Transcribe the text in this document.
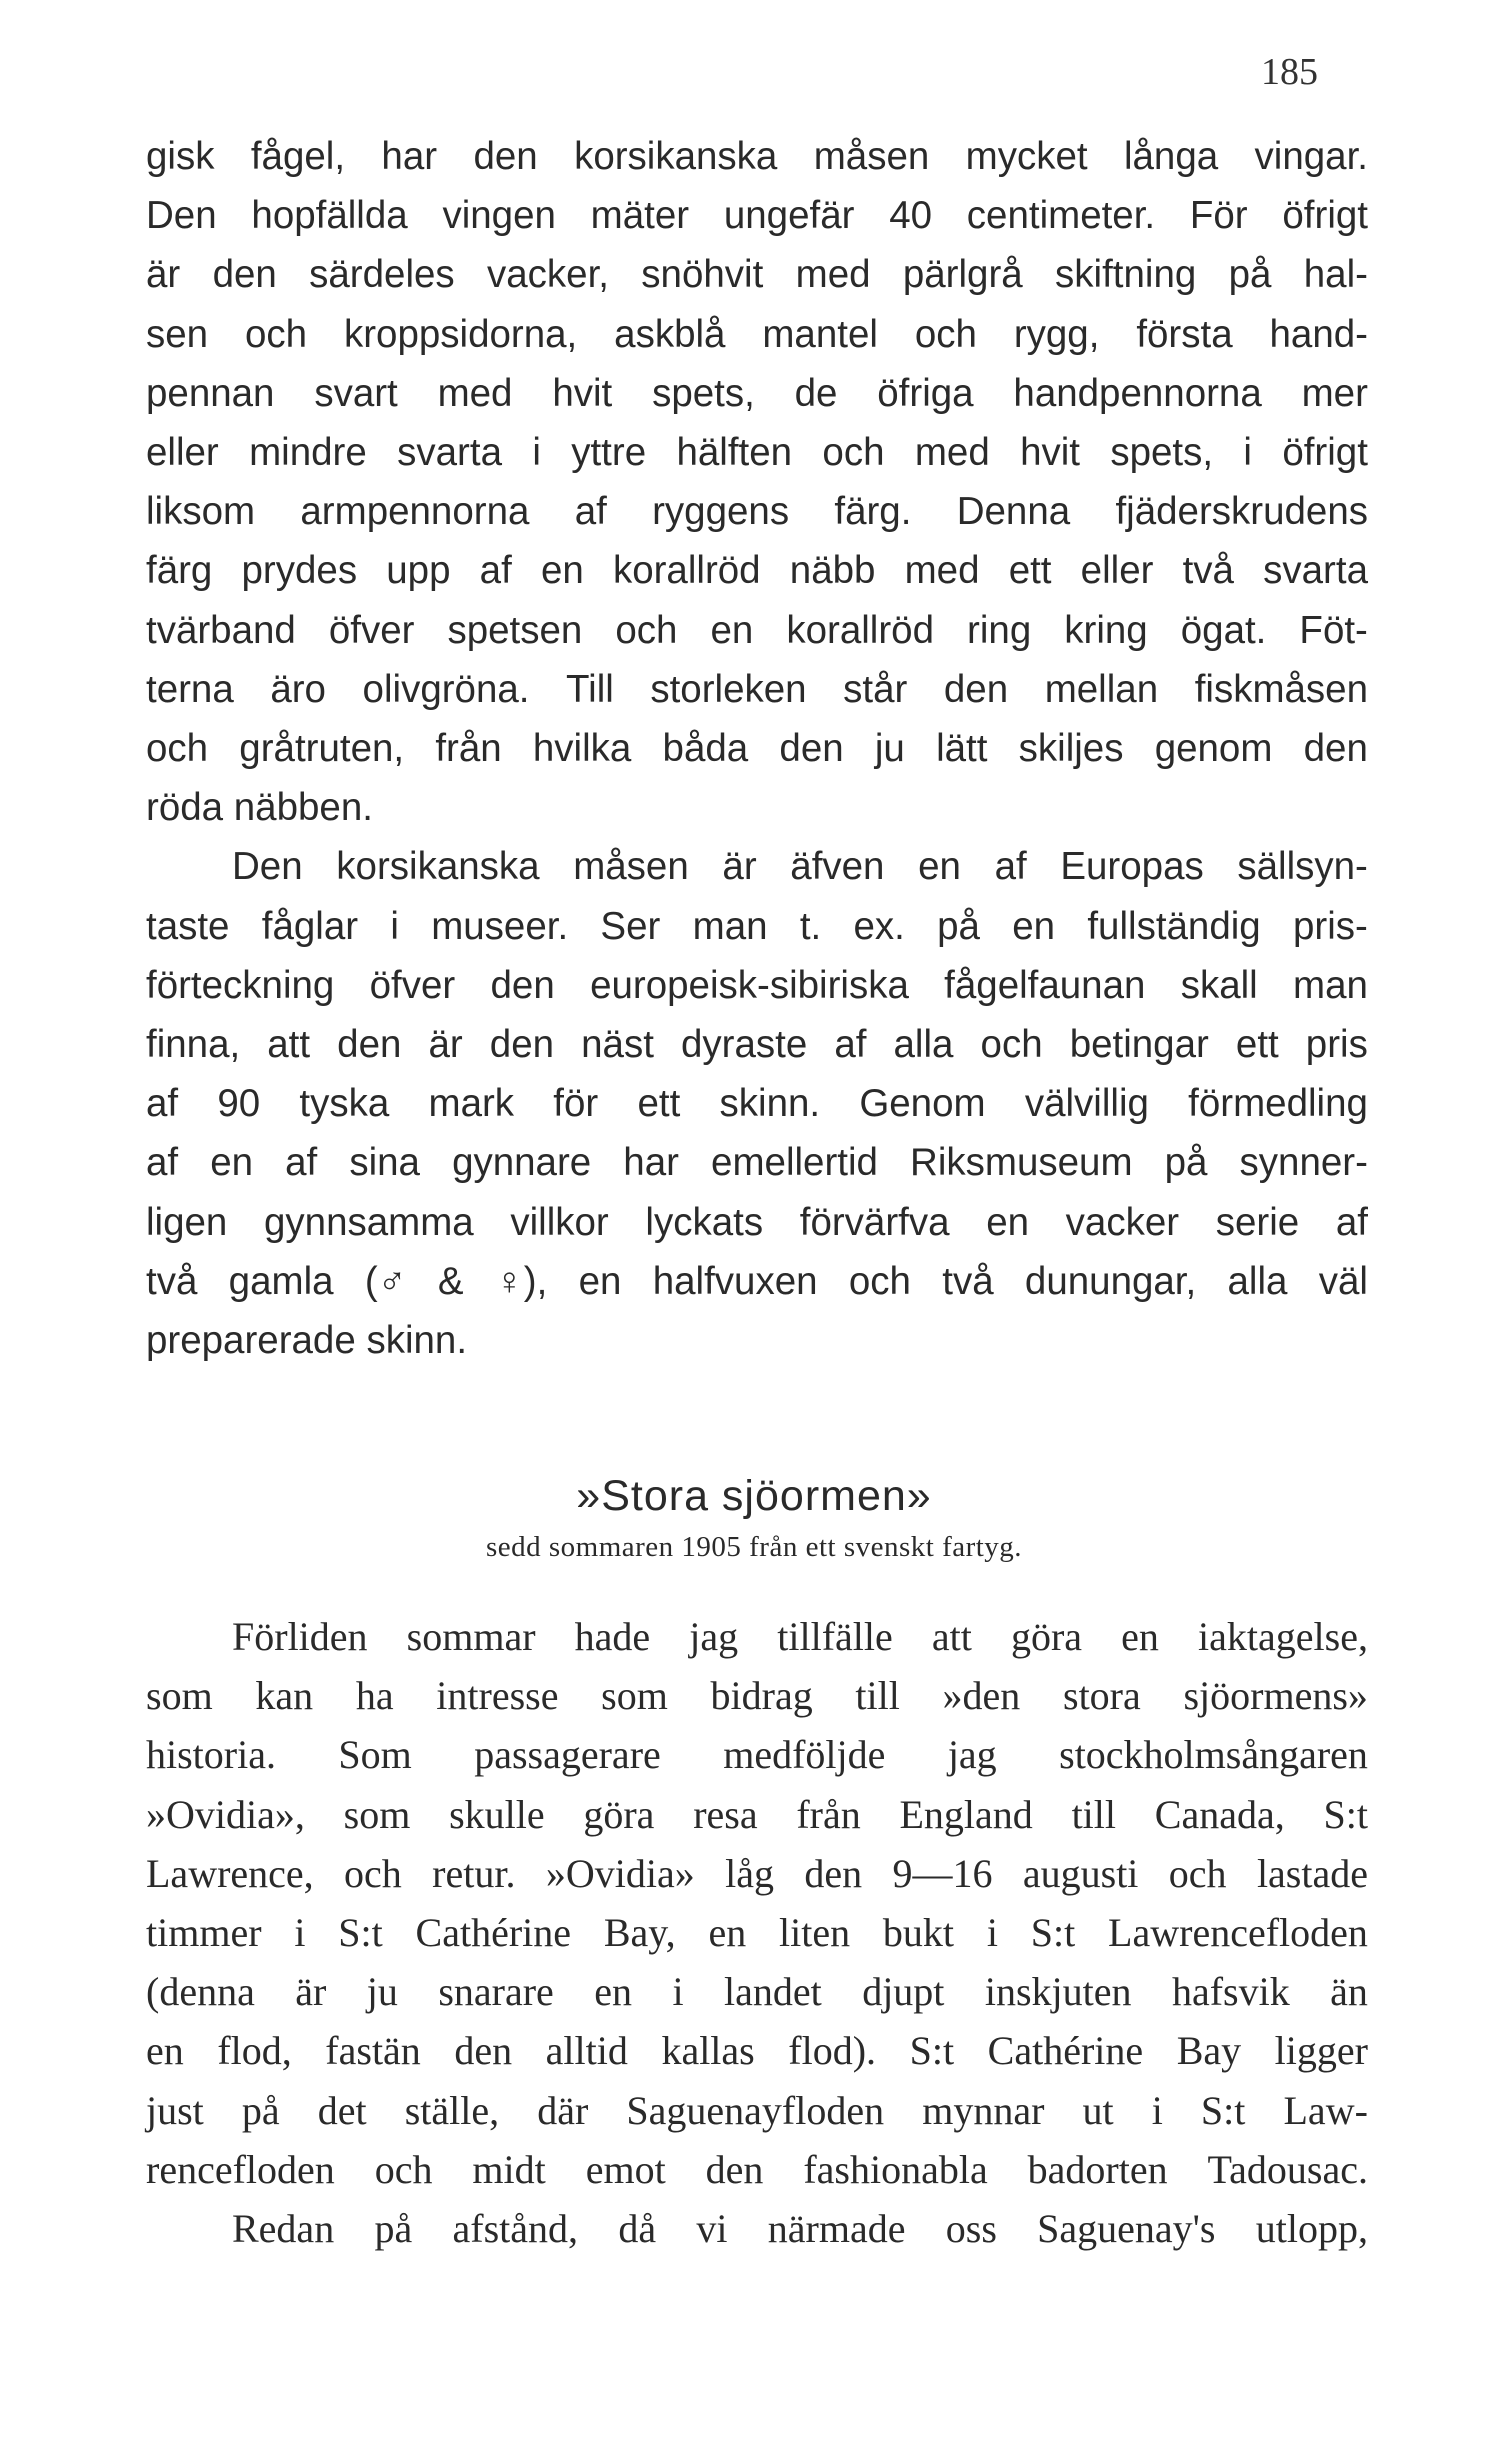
185
gisk fågel, har den korsikanska måsen mycket långa vingar.
Den hopfällda vingen mäter ungefär 40 centimeter. För öfrigt
är den särdeles vacker, snöhvit med pärlgrå skiftning på hal-
sen och kroppsidorna, askblå mantel och rygg, första hand-
pennan svart med hvit spets, de öfriga handpennorna mer
eller mindre svarta i yttre hälften och med hvit spets, i öfrigt
liksom armpennorna af ryggens färg. Denna fjäderskrudens
färg prydes upp af en korallröd näbb med ett eller två svarta
tvärband öfver spetsen och en korallröd ring kring ögat. Föt-
terna äro olivgröna. Till storleken står den mellan fiskmåsen
och gråtruten, från hvilka båda den ju lätt skiljes genom den
röda
näbben.
Den korsikanska måsen är äfven en af Europas sällsyn-
taste fåglar i museer. Ser man t. ex. på en fullständig pris-
förteckning öfver den europeisk-sibiriska fågelfaunan skall man
finna, att den är den näst dyraste af alla och betingar ett pris
af 90 tyska mark för ett skinn. Genom välvillig förmedling
af en af sina gynnare har emellertid Riksmuseum på synner-
ligen gynnsamma villkor lyckats förvärfva en vacker serie af
två gamla (♂ & ♀), en halfvuxen och två dunungar, alla väl
preparerade
skinn.
»Stora sjöormen»
sedd sommaren 1905 från ett svenskt fartyg.
Förliden sommar hade jag tillfälle att göra en iaktagelse,
som kan ha intresse som bidrag till »den stora sjöormens»
historia. Som passagerare medföljde jag stockholmsångaren
»Ovidia», som skulle göra resa från England till Canada, S:t
Lawrence, och retur. »Ovidia» låg den 9—16 augusti och lastade
timmer i S:t Cathérine Bay, en liten bukt i S:t Lawrencefloden
(denna är ju snarare en i landet djupt inskjuten hafsvik än
en flod, fastän den alltid kallas flod). S:t Cathérine Bay ligger
just på det ställe, där Saguenayfloden mynnar ut i S:t Law-
rencefloden och midt emot den fashionabla badorten Tadousac.
Redan på afstånd, då vi närmade oss Saguenay's utlopp,
